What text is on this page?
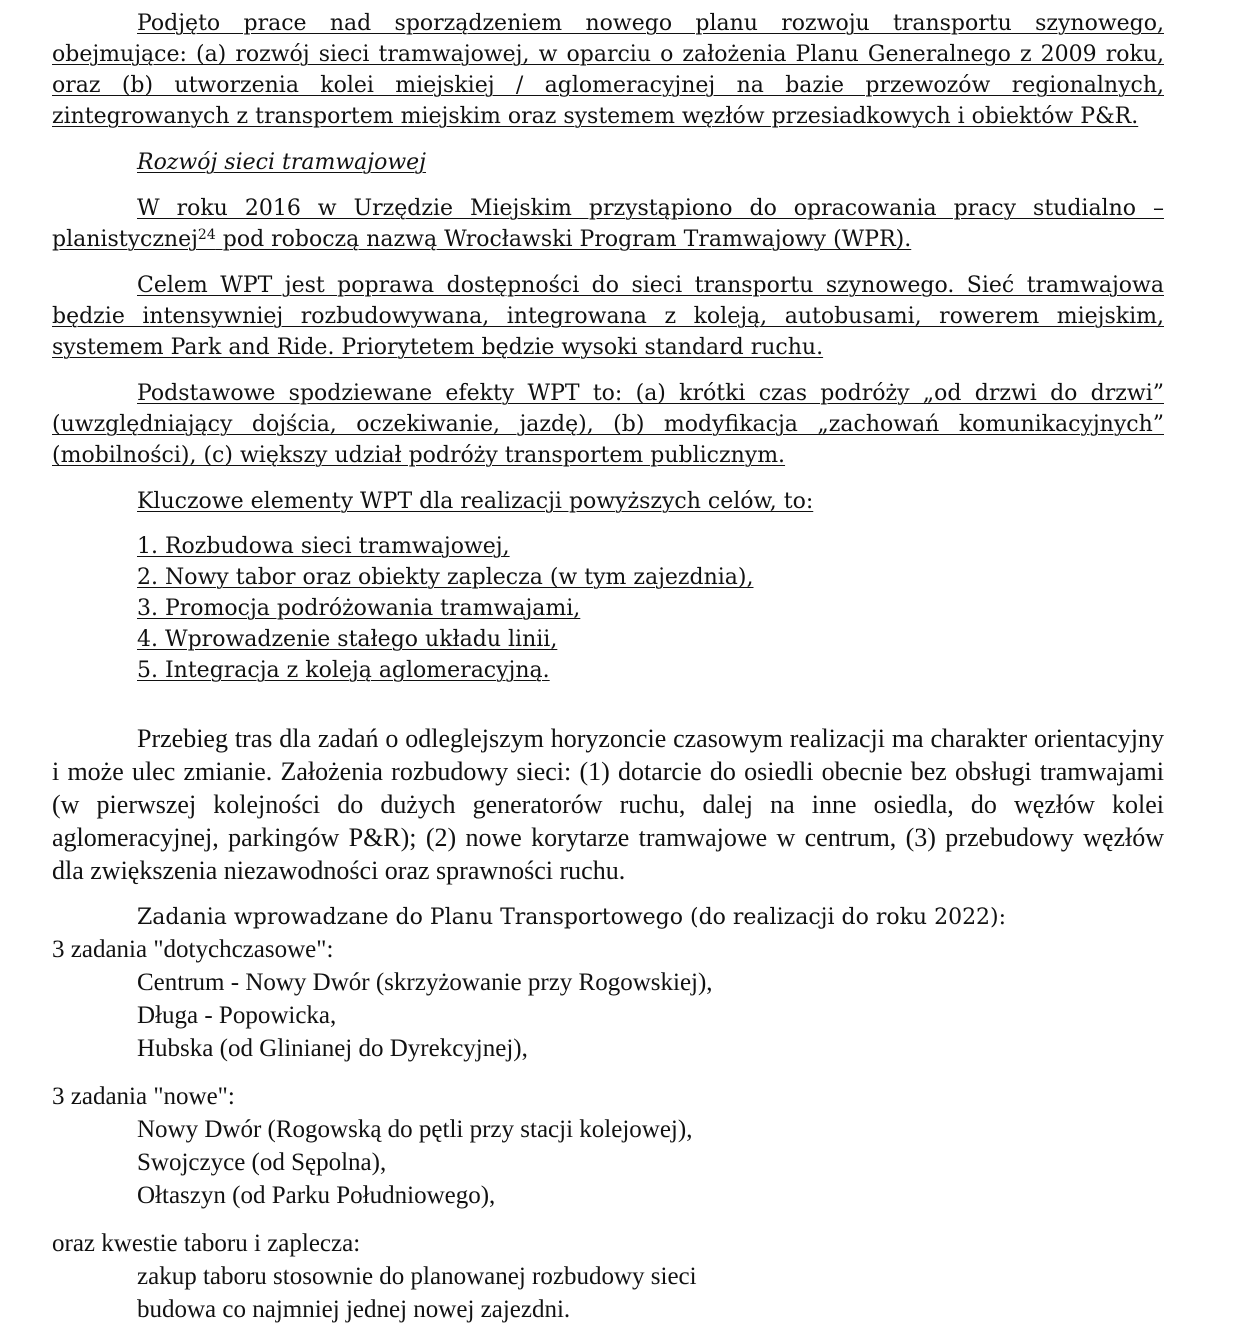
Podjęto prace nad sporządzeniem nowego planu rozwoju transportu szynowego, obejmujące: (a) rozwój sieci tramwajowej, w oparciu o założenia Planu Generalnego z 2009 roku, oraz (b) utworzenia kolei miejskiej / aglomeracyjnej na bazie przewozów regionalnych, zintegrowanych z transportem miejskim oraz systemem węzłów przesiadkowych i obiektów P&R.

Rozwój sieci tramwajowej

W roku 2016 w Urzędzie Miejskim przystąpiono do opracowania pracy studialno – planistycznej$^{24}$ pod roboczą nazwą Wrocławski Program Tramwajowy (WPR).

Celem WPT jest poprawa dostępności do sieci transportu szynowego. Sieć tramwajowa będzie intensywniej rozbudowywana, integrowana z koleją, autobusami, rowerem miejskim, systemem Park and Ride. Priorytetem będzie wysoki standard ruchu.

Podstawowe spodziewane efekty WPT to: (a) krótki czas podróży „od drzwi do drzwi” (uwzględniający dojścia, oczekiwanie, jazdę), (b) modyfikacja „zachowań komunikacyjnych” (mobilności), (c) większy udział podróży transportem publicznym.

Kluczowe elementy WPT dla realizacji powyższych celów, to:

1. Rozbudowa sieci tramwajowej,
2. Nowy tabor oraz obiekty zaplecza (w tym zajezdnia),
3. Promocja podróżowania tramwajami,
4. Wprowadzenie stałego układu linii,
5. Integracja z koleją aglomeracyjną.

Przebieg tras dla zadań o odleglejszym horyzoncie czasowym realizacji ma charakter orientacyjny i może ulec zmianie. Założenia rozbudowy sieci: (1) dotarcie do osiedli obecnie bez obsługi tramwajami (w pierwszej kolejności do dużych generatorów ruchu, dalej na inne osiedla, do węzłów kolei aglomeracyjnej, parkingów P&R); (2) nowe korytarze tramwajowe w centrum, (3) przebudowy węzłów dla zwiększenia niezawodności oraz sprawności ruchu.

Zadania wprowadzane do Planu Transportowego (do realizacji do roku 2022):

3 zadania "dotychczasowe":

Centrum - Nowy Dwór (skrzyżowanie przy Rogowskiej),
Długa - Popowicka,
Hubska (od Glinianej do Dyrekcyjnej),

3 zadania "nowe":

Nowy Dwór (Rogowską do pętli przy stacji kolejowej),
Swojczyce (od Sępolna),
Ołtaszyn (od Parku Południowego),

oraz kwestie taboru i zaplecza:

zakup taboru stosownie do planowanej rozbudowy sieci
budowa co najmniej jednej nowej zajezdni.
